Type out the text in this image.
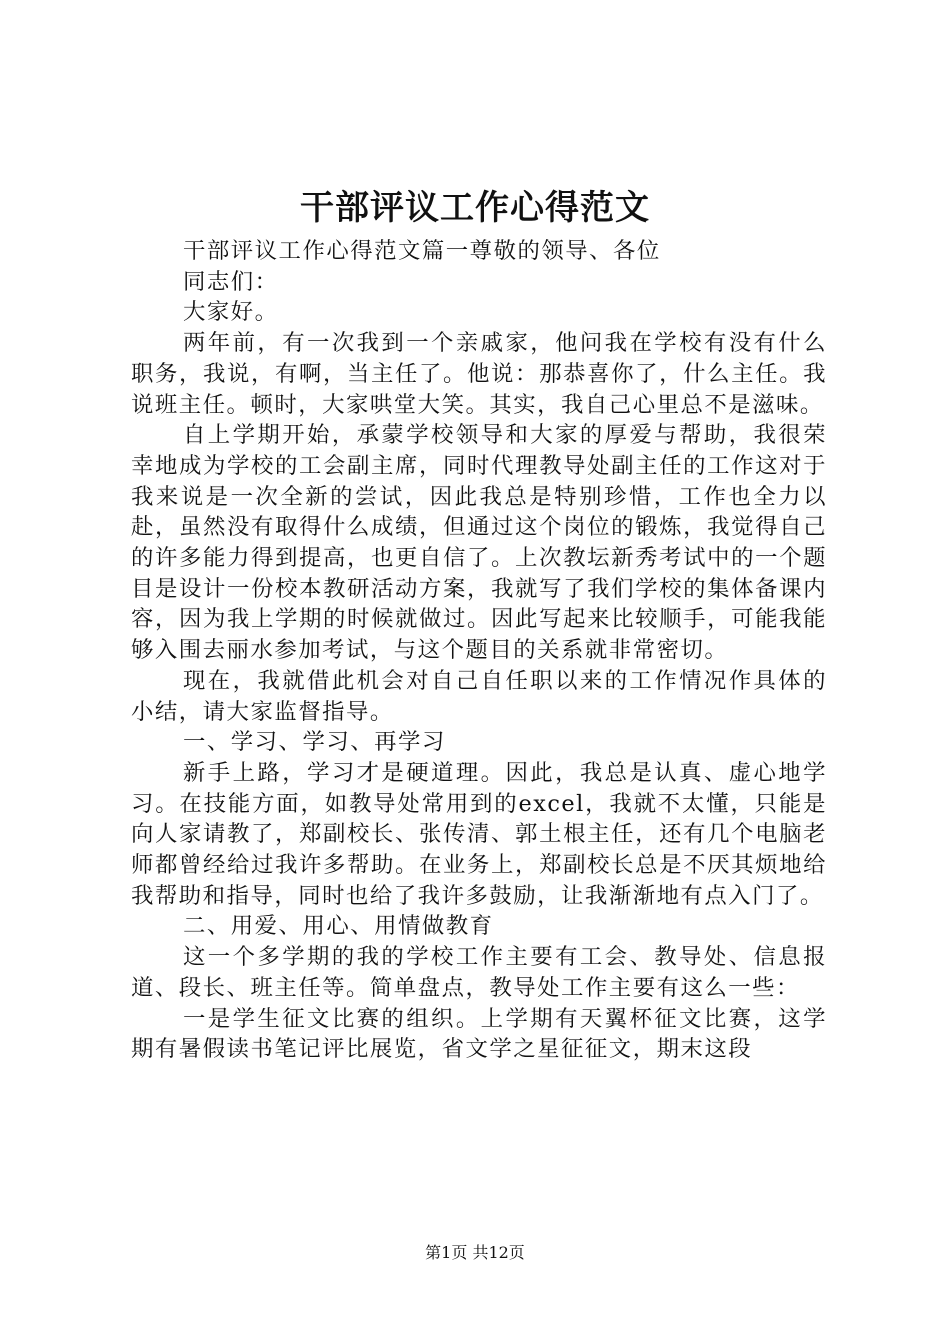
干部评议工作心得范文

干部评议工作心得范文篇一尊敬的领导、各位

同志们：

大家好。

两年前，有一次我到一个亲戚家，他问我在学校有没有什么职务，我说，有啊，当主任了。他说：那恭喜你了，什么主任。我说班主任。顿时，大家哄堂大笑。其实，我自己心里总不是滋味。

自上学期开始，承蒙学校领导和大家的厚爱与帮助，我很荣幸地成为学校的工会副主席，同时代理教导处副主任的工作这对于我来说是一次全新的尝试，因此我总是特别珍惜，工作也全力以赴，虽然没有取得什么成绩，但通过这个岗位的锻炼，我觉得自己的许多能力得到提高，也更自信了。上次教坛新秀考试中的一个题目是设计一份校本教研活动方案，我就写了我们学校的集体备课内容，因为我上学期的时候就做过。因此写起来比较顺手，可能我能够入围去丽水参加考试，与这个题目的关系就非常密切。

现在，我就借此机会对自己自任职以来的工作情况作具体的小结，请大家监督指导。

一、学习、学习、再学习

新手上路，学习才是硬道理。因此，我总是认真、虚心地学习。在技能方面，如教导处常用到的excel，我就不太懂，只能是向人家请教了，郑副校长、张传清、郭土根主任，还有几个电脑老师都曾经给过我许多帮助。在业务上，郑副校长总是不厌其烦地给我帮助和指导，同时也给了我许多鼓励，让我渐渐地有点入门了。

二、用爱、用心、用情做教育

这一个多学期的我的学校工作主要有工会、教导处、信息报道、段长、班主任等。简单盘点，教导处工作主要有这么一些：

一是学生征文比赛的组织。上学期有天翼杯征文比赛，这学期有暑假读书笔记评比展览，省文学之星征征文，期末这段

第1页 共12页
